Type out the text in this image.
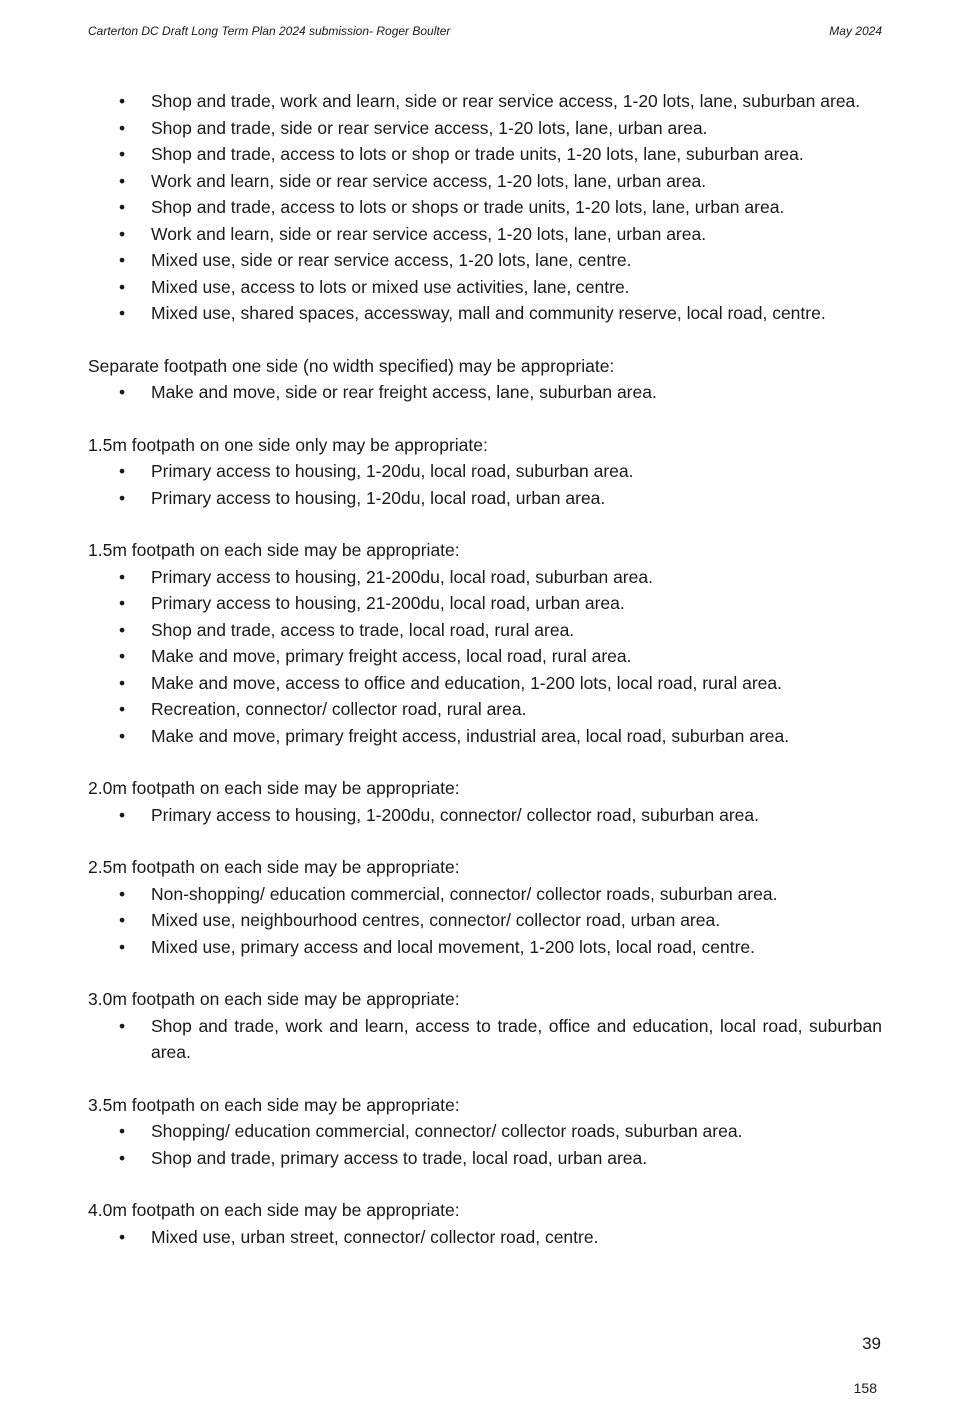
Carterton DC Draft Long Term Plan 2024 submission- Roger Boulter	May 2024
• Shop and trade, work and learn, side or rear service access, 1-20 lots, lane, suburban area.
• Shop and trade, side or rear service access, 1-20 lots, lane, urban area.
• Shop and trade, access to lots or shop or trade units, 1-20 lots, lane, suburban area.
• Work and learn, side or rear service access, 1-20 lots, lane, urban area.
• Shop and trade, access to lots or shops or trade units, 1-20 lots, lane, urban area.
• Work and learn, side or rear service access, 1-20 lots, lane, urban area.
• Mixed use, side or rear service access, 1-20 lots, lane, centre.
• Mixed use, access to lots or mixed use activities, lane, centre.
• Mixed use, shared spaces, accessway, mall and community reserve, local road, centre.

Separate footpath one side (no width specified) may be appropriate:

• Make and move, side or rear freight access, lane, suburban area.

1.5m footpath on one side only may be appropriate:

• Primary access to housing, 1-20du, local road, suburban area.
• Primary access to housing, 1-20du, local road, urban area.

1.5m footpath on each side may be appropriate:

• Primary access to housing, 21-200du, local road, suburban area.
• Primary access to housing, 21-200du, local road, urban area.
• Shop and trade, access to trade, local road, rural area.
• Make and move, primary freight access, local road, rural area.
• Make and move, access to office and education, 1-200 lots, local road, rural area.
• Recreation, connector/ collector road, rural area.
• Make and move, primary freight access, industrial area, local road, suburban area.

2.0m footpath on each side may be appropriate:

• Primary access to housing, 1-200du, connector/ collector road, suburban area.

2.5m footpath on each side may be appropriate:

• Non-shopping/ education commercial, connector/ collector roads, suburban area.
• Mixed use, neighbourhood centres, connector/ collector road, urban area.
• Mixed use, primary access and local movement, 1-200 lots, local road, centre.

3.0m footpath on each side may be appropriate:

• Shop and trade, work and learn, access to trade, office and education, local road, suburban area.

3.5m footpath on each side may be appropriate:

• Shopping/ education commercial, connector/ collector roads, suburban area.
• Shop and trade, primary access to trade, local road, urban area.

4.0m footpath on each side may be appropriate:

• Mixed use, urban street, connector/ collector road, centre.
39
158
